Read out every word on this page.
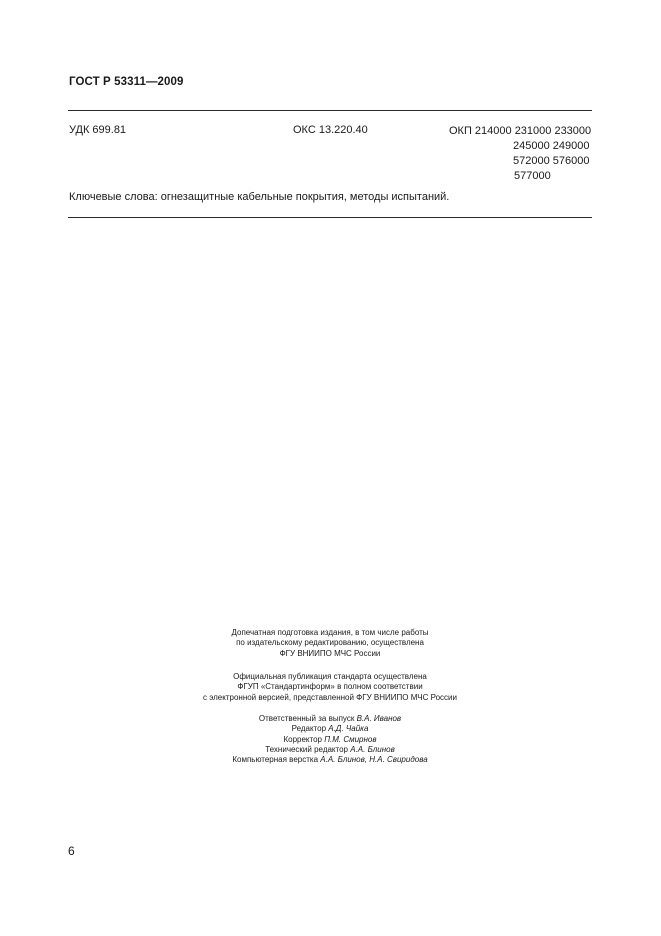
ГОСТ Р 53311—2009
УДК 699.81	ОКС 13.220.40	ОКП 214000 231000 233000
245000 249000
572000 576000
577000
Ключевые слова: огнезащитные кабельные покрытия, методы испытаний.
Допечатная подготовка издания, в том числе работы
по издательскому редактированию, осуществлена
ФГУ ВНИИПО МЧС России
Официальная публикация стандарта осуществлена
ФГУП «Стандартинформ» в полном соответствии
с электронной версией, представленной ФГУ ВНИИПО МЧС России
Ответственный за выпуск В.А. Иванов
Редактор А.Д. Чайка
Корректор П.М. Смирнов
Технический редактор А.А. Блинов
Компьютерная верстка А.А. Блинов, Н.А. Свиридова
6
